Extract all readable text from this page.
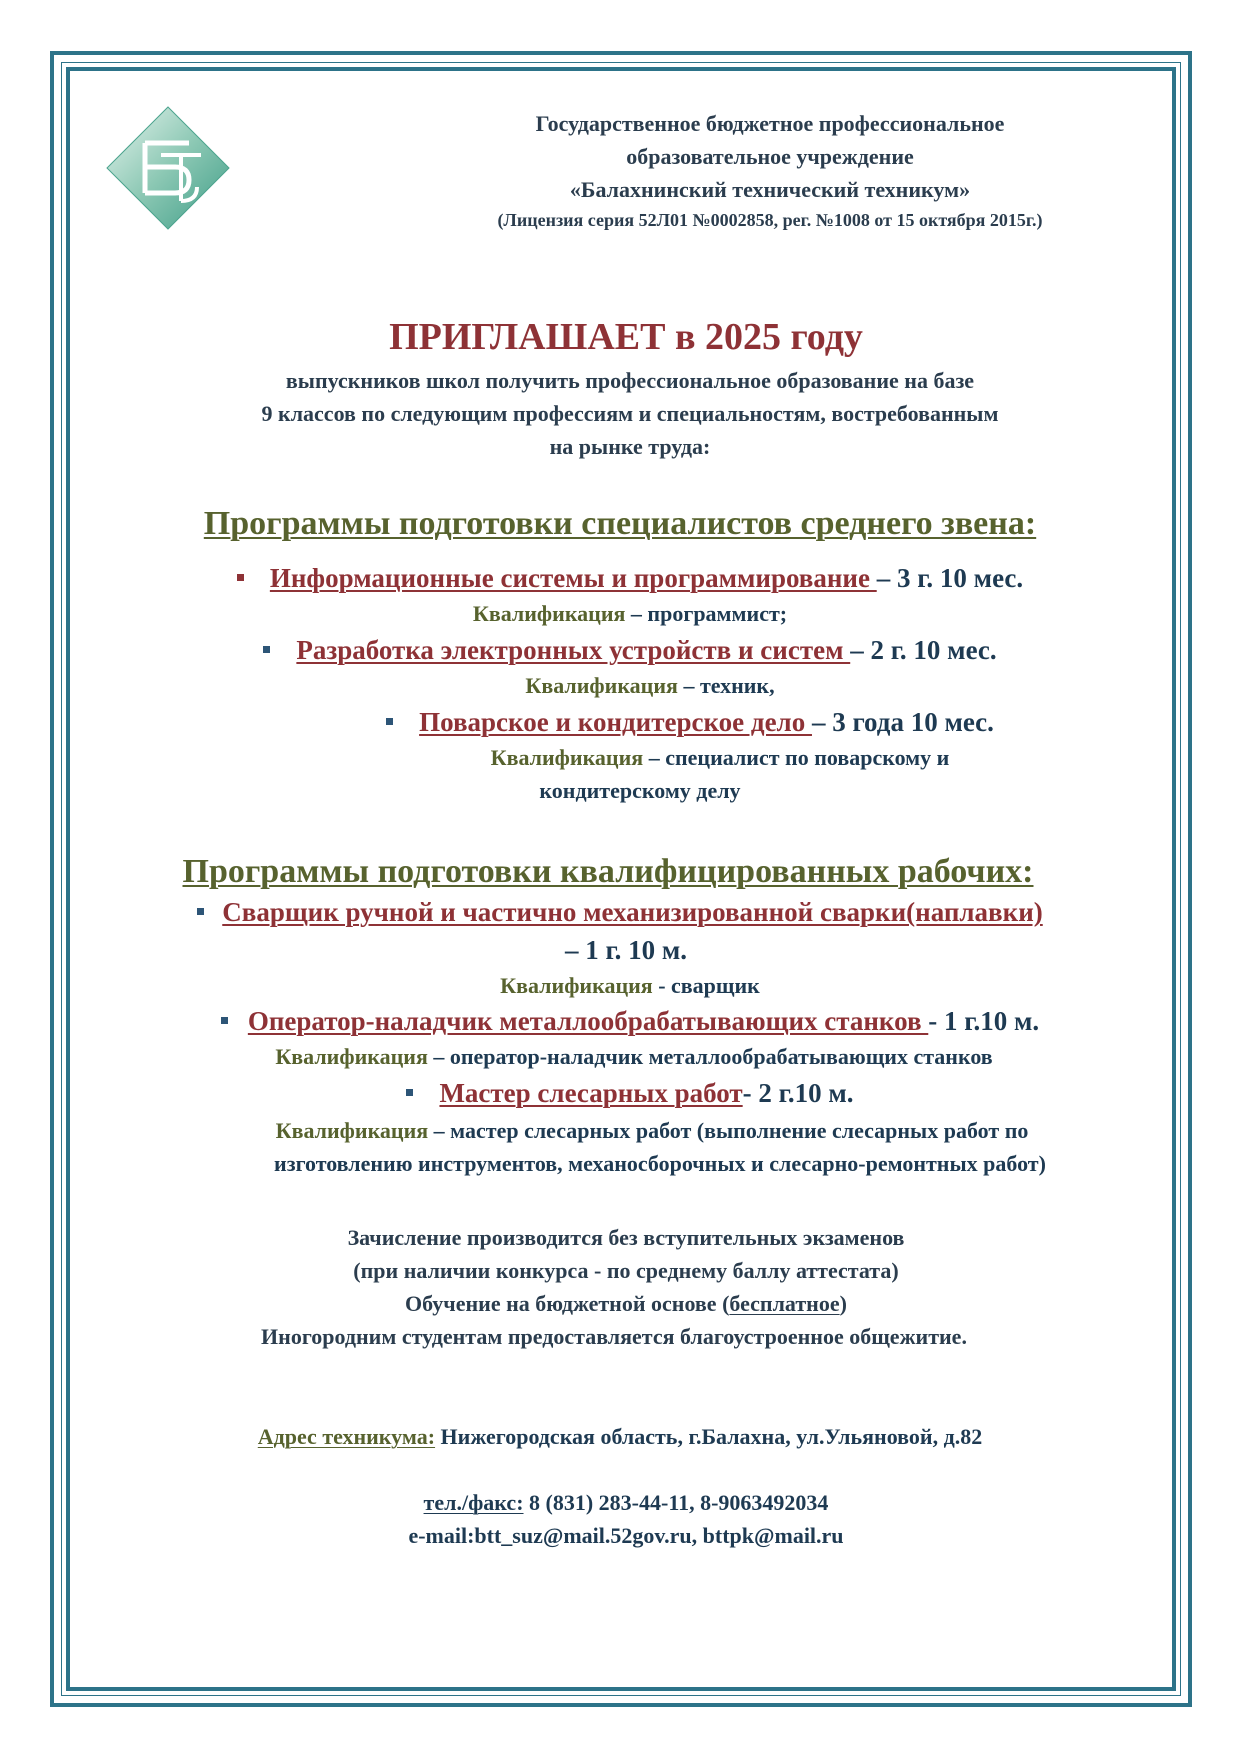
Государственное бюджетное профессиональное
образовательное учреждение
«Балахнинский технический техникум»
(Лицензия серия 52Л01 №0002858, рег. №1008 от 15 октября 2015г.)
ПРИГЛАШАЕТ в 2025 году
выпускников школ получить профессиональное образование на базе
9 классов по следующим профессиям и специальностям, востребованным
на рынке труда:
Программы подготовки специалистов среднего звена:
Информационные системы и программирование – 3 г. 10 мес.
Квалификация – программист;
Разработка электронных устройств и систем – 2 г. 10 мес.
Квалификация – техник,
Поварское и кондитерское дело – 3 года 10 мес.
Квалификация – специалист по поварскому и
кондитерскому делу
Программы подготовки квалифицированных рабочих:
Сварщик ручной и частично механизированной сварки(наплавки)
– 1 г. 10 м.
Квалификация - сварщик
Оператор-наладчик металлообрабатывающих станков - 1 г.10 м.
Квалификация – оператор-наладчик металлообрабатывающих станков
Мастер слесарных работ- 2 г.10 м.
Квалификация – мастер слесарных работ (выполнение слесарных работ по
изготовлению инструментов, механосборочных и слесарно-ремонтных работ)
Зачисление производится без вступительных экзаменов
(при наличии конкурса - по среднему баллу аттестата)
Обучение на бюджетной основе (бесплатное)
Иногородним студентам предоставляется благоустроенное общежитие.
Адрес техникума: Нижегородская область, г.Балахна, ул.Ульяновой, д.82
тел./факс: 8 (831) 283-44-11, 8-9063492034
e-mail:btt_suz@mail.52gov.ru, bttpk@mail.ru
